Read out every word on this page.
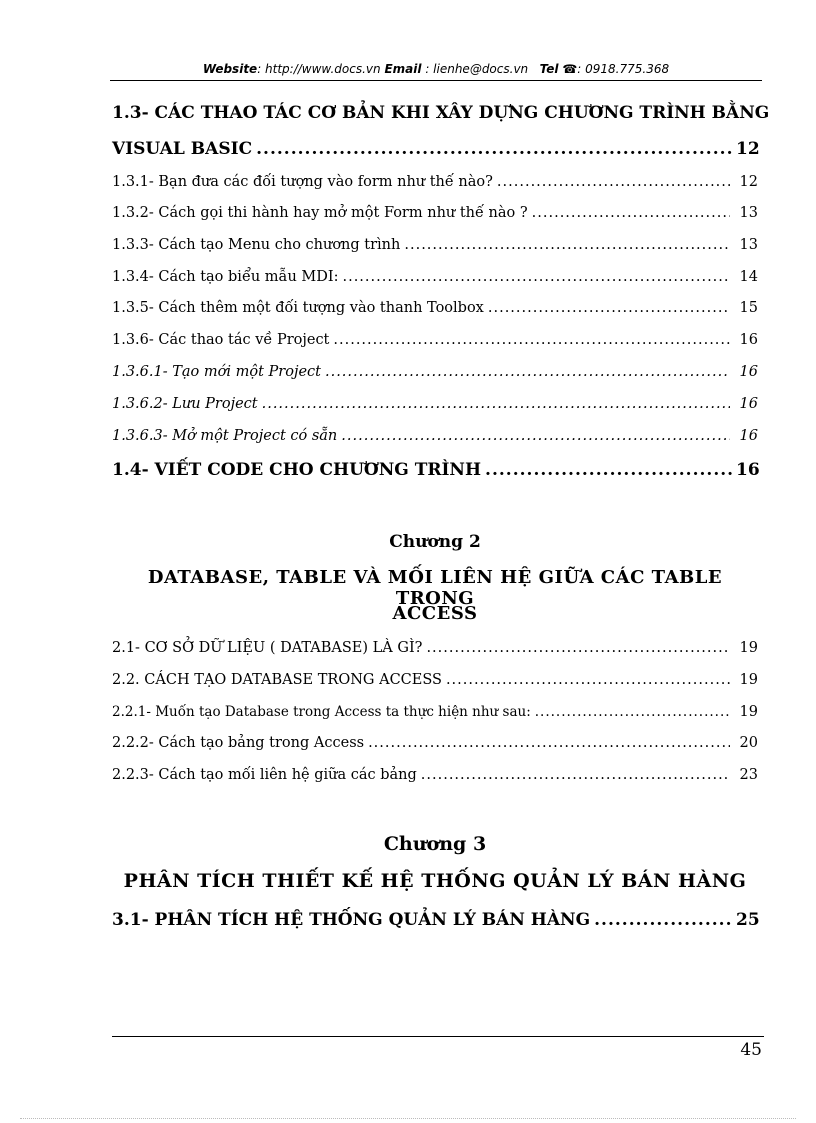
Website: http://www.docs.vn Email : lienhe@docs.vn Tel ☎: 0918.775.368
1.3- CÁC THAO TÁC CƠ BẢN KHI XÂY DỰNG CHƯƠNG TRÌNH BẰNG
VISUAL BASIC .....	12
1.3.1- Bạn đưa các đối tượng vào form như thế nào? .....	12
1.3.2- Cách gọi thi hành hay mở một Form như thế nào ? .....	13
1.3.3- Cách tạo Menu cho chương trình .....	13
1.3.4- Cách tạo biểu mẫu MDI: .....	14
1.3.5- Cách thêm một đối tượng vào thanh Toolbox .....	15
1.3.6- Các thao tác về Project .....	16
1.3.6.1- Tạo mới một Project .....	16
1.3.6.2- Lưu Project .....	16
1.3.6.3- Mở một Project có sẵn .....	16
1.4- VIẾT CODE CHO CHƯƠNG TRÌNH .....	16
2.1- CƠ SỞ DỮ LIỆU ( DATABASE) LÀ GÌ? .....	19
2.2. CÁCH TẠO DATABASE TRONG ACCESS .....	19
2.2.1- Muốn tạo Database trong Access ta thực hiện như sau: .....	19
2.2.2- Cách tạo bảng trong Access .....	20
2.2.3- Cách tạo mối liên hệ giữa các bảng .....	23
3.1- PHÂN TÍCH HỆ THỐNG QUẢN LÝ BÁN HÀNG .....	25
Chương 2
DATABASE, TABLE VÀ MỐI LIÊN HỆ GIỮA CÁC TABLE TRONG
ACCESS
Chương 3
PHÂN TÍCH THIẾT KẾ HỆ THỐNG QUẢN LÝ BÁN HÀNG
45
